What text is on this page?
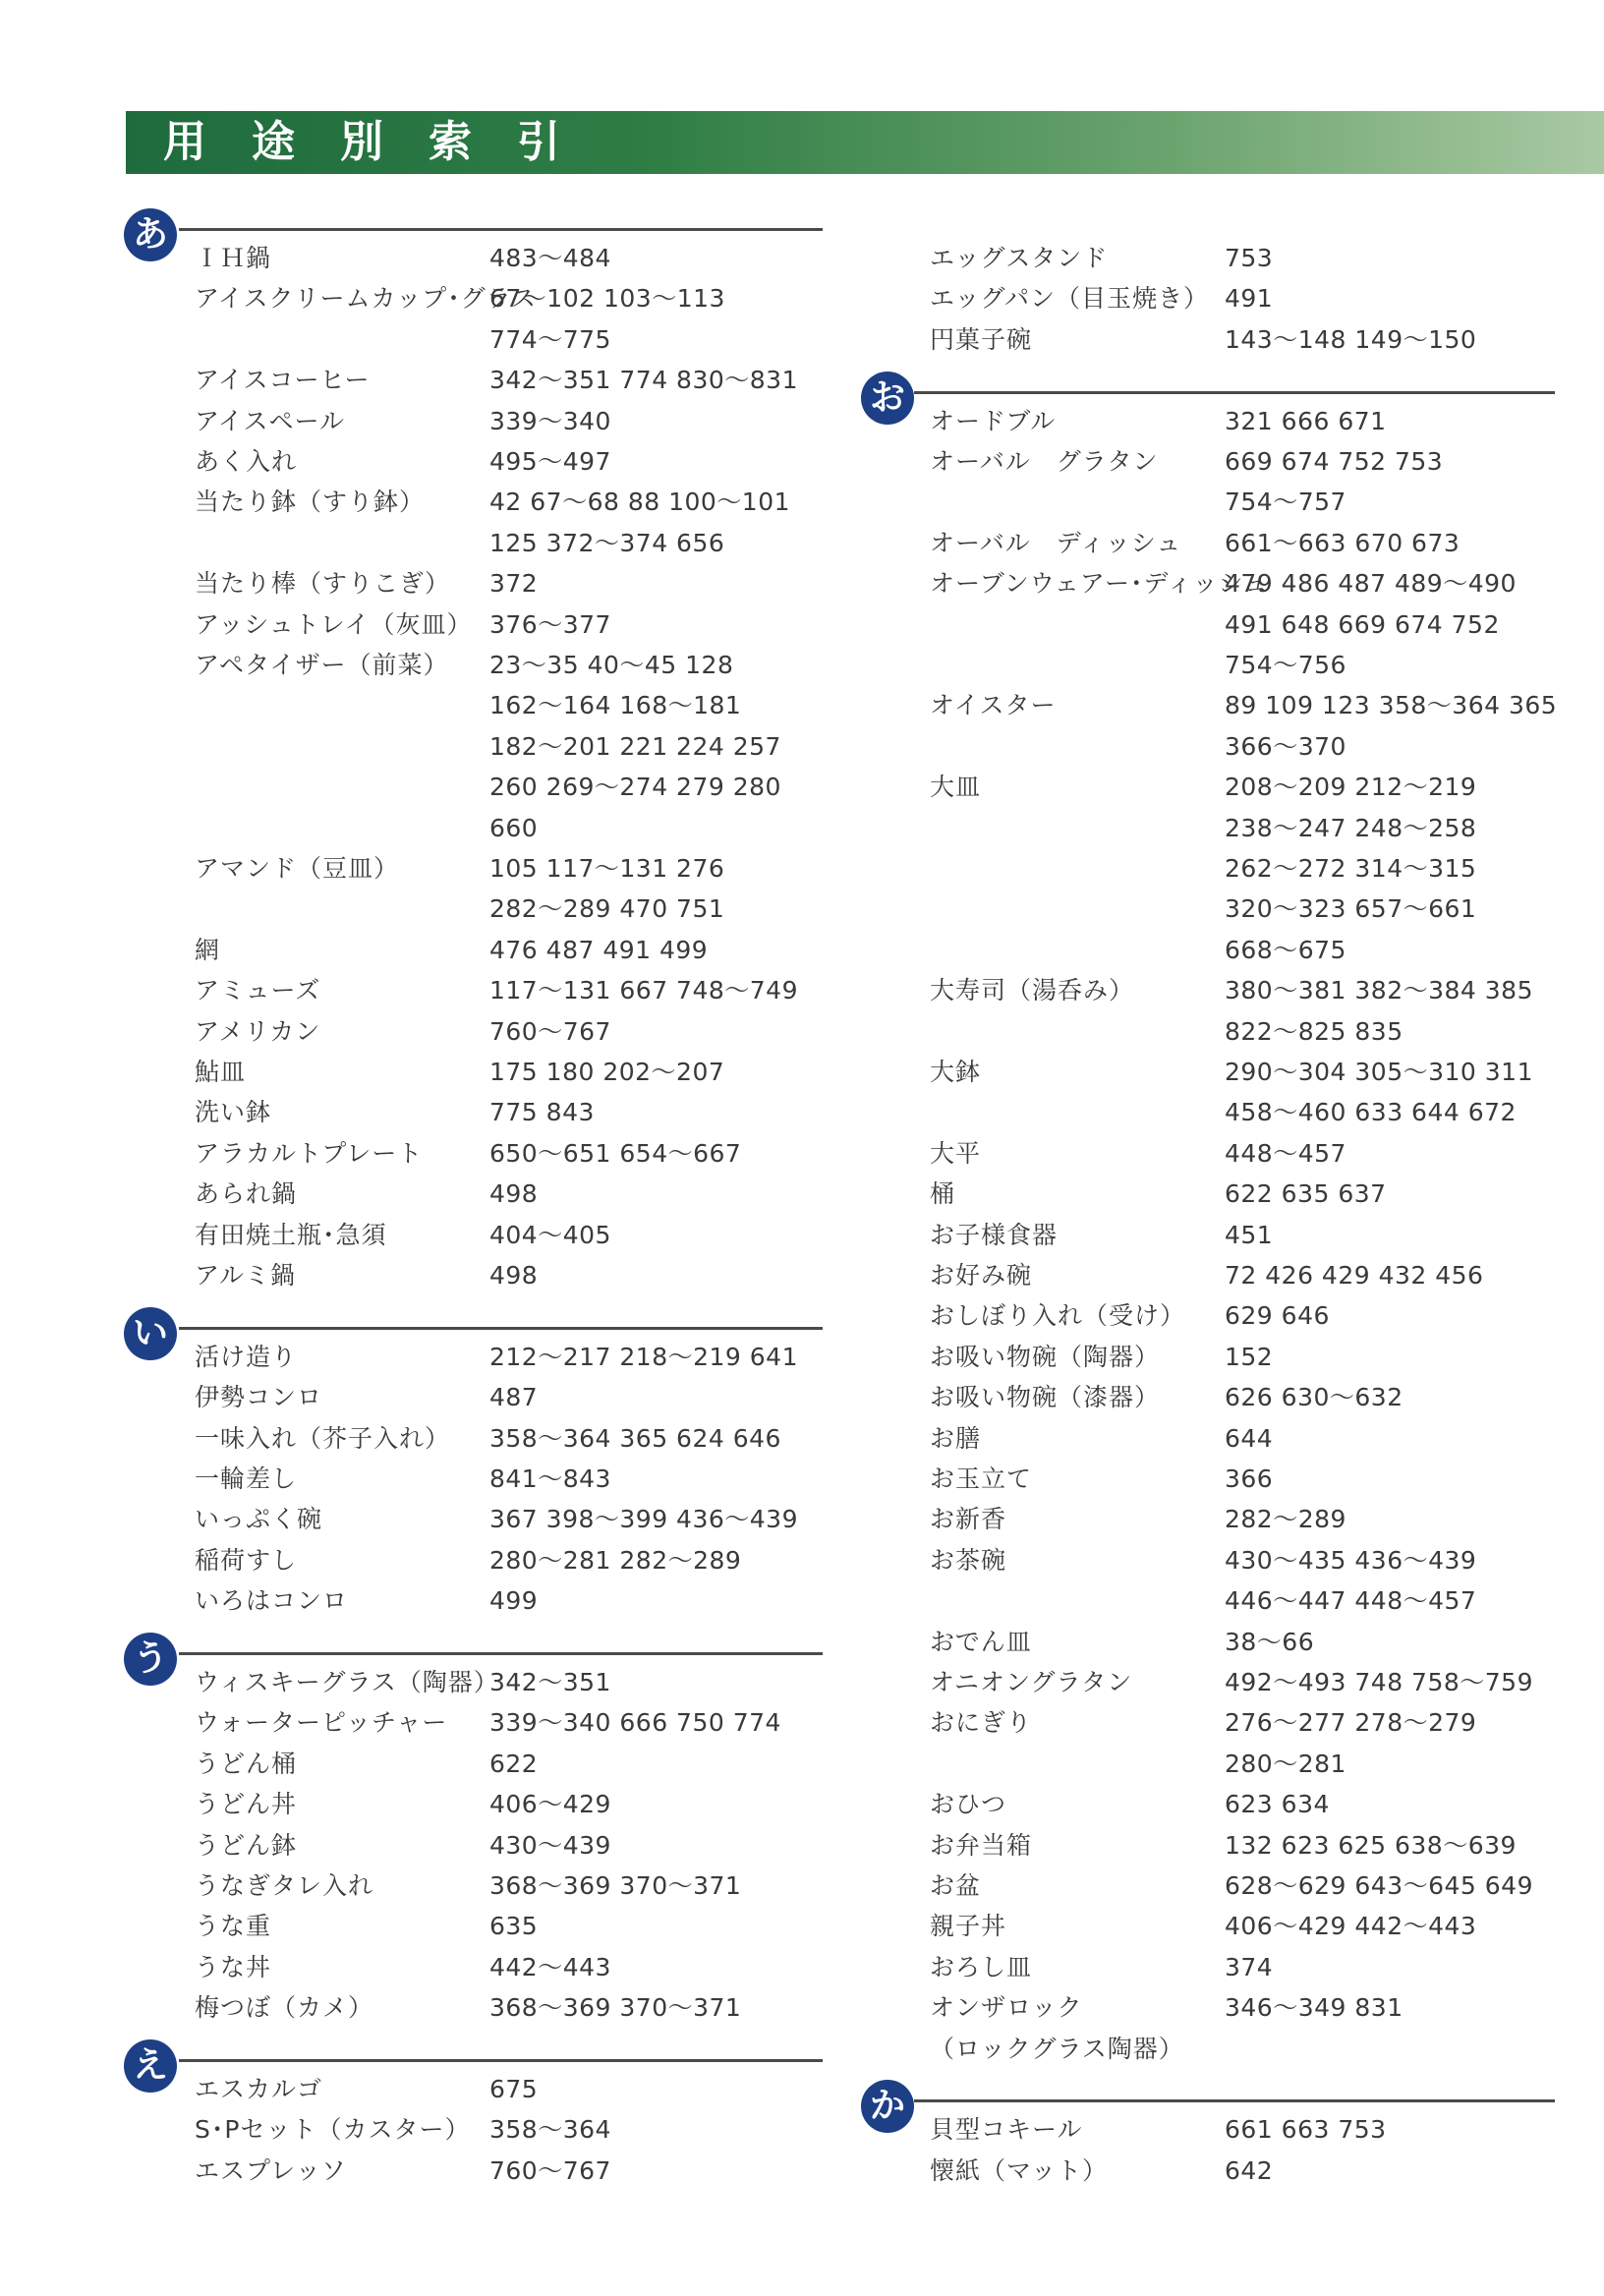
用途別索引
あ
ＩＨ鍋	483〜484
アイスクリームカップ･グラス
67〜102 103〜113
774〜775
アイスコーヒー	342〜351 774 830〜831
アイスペール	339〜340
あく入れ	495〜497
当たり鉢（すり鉢）	42 67〜68 88 100〜101
125 372〜374 656
当たり棒（すりこぎ） 372
アッシュトレイ（灰皿） 376〜377
アペタイザー（前菜） 23〜35 40〜45 128
162〜164 168〜181
182〜201 221 224 257
260 269〜274 279 280
660
アマンド（豆皿）	105 117〜131 276
282〜289 470 751
網	476 487 491 499
アミューズ	117〜131 667 748〜749
アメリカン	760〜767
鮎皿	175 180 202〜207
洗い鉢	775 843
アラカルトプレート	650〜651 654〜667
あられ鍋	498
有田焼土瓶･急須	404〜405
アルミ鍋	498
い
活け造り	212〜217 218〜219 641
伊勢コンロ	487
一味入れ（芥子入れ） 358〜364 365 624 646
一輪差し	841〜843
いっぷく碗	367 398〜399 436〜439
稲荷すし	280〜281 282〜289
いろはコンロ	499
う
ウィスキーグラス（陶器）
342〜351
ウォーターピッチャー 339〜340 666 750 774
うどん桶	622
うどん丼	406〜429
うどん鉢	430〜439
うなぎタレ入れ	368〜369 370〜371
うな重	635
うな丼	442〜443
梅つぼ（カメ）	368〜369 370〜371
え
エスカルゴ	675
S･Pセット（カスター） 358〜364
エスプレッソ	760〜767
エッグスタンド	753
エッグパン（目玉焼き） 491
円菓子碗	143〜148 149〜150
お
オードブル	321 666 671
オーバル　グラタン	669 674 752 753
754〜757
オーバル　ディッシュ 661〜663 670 673
オーブンウェアー･ディッシュ
479 486 487 489〜490
491 648 669 674 752
754〜756
オイスター	89 109 123 358〜364 365
366〜370
大皿	208〜209 212〜219
238〜247 248〜258
262〜272 314〜315
320〜323 657〜661
668〜675
大寿司（湯呑み）	380〜381 382〜384 385
822〜825 835
大鉢	290〜304 305〜310 311
458〜460 633 644 672
大平	448〜457
桶	622 635 637
お子様食器	451
お好み碗	72 426 429 432 456
おしぼり入れ（受け） 629 646
お吸い物碗（陶器）	152
お吸い物碗（漆器）	626 630〜632
お膳	644
お玉立て	366
お新香	282〜289
お茶碗	430〜435 436〜439
446〜447 448〜457
おでん皿	38〜66
オニオングラタン	492〜493 748 758〜759
おにぎり	276〜277 278〜279
280〜281
おひつ	623 634
お弁当箱	132 623 625 638〜639
お盆	628〜629 643〜645 649
親子丼	406〜429 442〜443
おろし皿	374
オンザロック	346〜349 831
（ロックグラス陶器）
か
貝型コキール	661 663 753
懐紙（マット）	642
